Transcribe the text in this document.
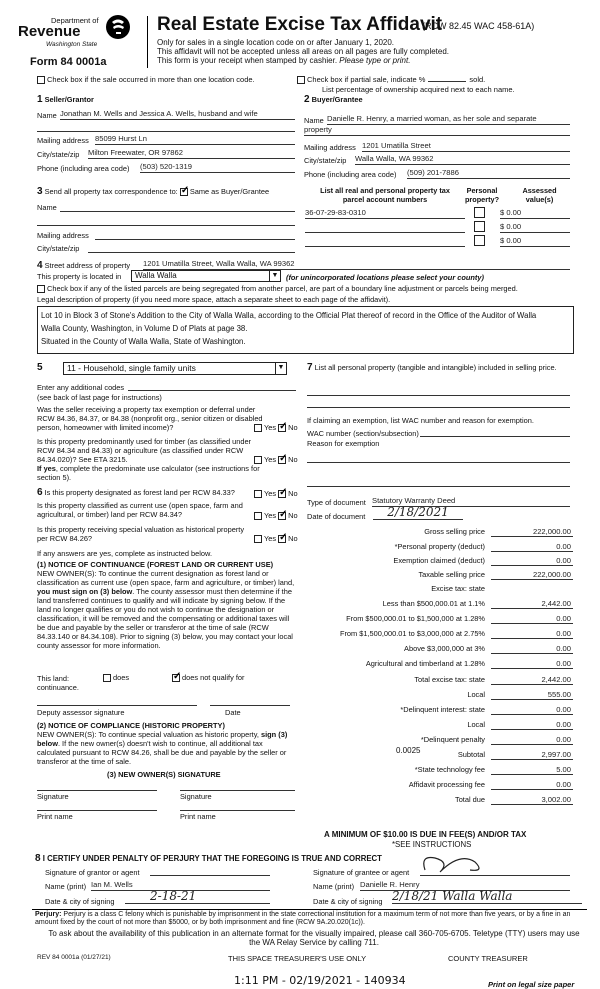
Department of
Revenue
Washington State
Form 84 0001a
Real Estate Excise Tax Affidavit
(RCW 82.45 WAC 458-61A)
Only for sales in a single location code on or after January 1, 2020.
This affidavit will not be accepted unless all areas on all pages are fully completed.
This form is your receipt when stamped by cashier. Please type or print.
Check box if the sale occurred in more than one location code.	Check box if partial sale, indicate %	sold.
List percentage of ownership acquired next to each name.
1 Seller/Grantor
Name Jonathan M. Wells and Jessica A. Wells, husband and wife
Mailing address 85099 Hurst Ln
City/state/zip Milton Freewater, OR 97862
Phone (including area code) (503) 520-1319
2 Buyer/Grantee
Name Danielle R. Henry, a married woman, as her sole and separate
property
Mailing address 1201 Umatilla Street
City/state/zip Walla Walla, WA 99362
Phone (including area code) (509) 201-7886
3 Send all property tax correspondence to: ✓ Same as Buyer/Grantee
Name
Mailing address
City/state/zip
List all real and personal property tax
parcel account numbers
Personal
property?
Assessed
value(s)
36-07-29-83-0310	$ 0.00
$ 0.00
$ 0.00
4 Street address of property 1201 Umatilla Street, Walla Walla, WA 99362
This property is located in	Walla Walla	▼ (for unincorporated locations please select your county)
Check box if any of the listed parcels are being segregated from another parcel, are part of a boundary line adjustment or parcels being merged.
Legal description of property (if you need more space, attach a separate sheet to each page of the affidavit).
Lot 10 in Block 3 of Stone's Addition to the City of Walla Walla, according to the Official Plat thereof of record in the Office of the Auditor of Walla
Walla County, Washington, in Volume D of Plats at page 38.
Situated in the County of Walla Walla, State of Washington.
5	11 - Household, single family units	▼
Enter any additional codes
(see back of last page for instructions)
Was the seller receiving a property tax exemption or deferral under RCW 84.36, 84.37, or 84.38 (nonprofit org., senior citizen or disabled person, homeowner with limited income)?	Yes ✓ No
Is this property predominantly used for timber (as classified under RCW 84.34 and 84.33) or agriculture (as classified under RCW 84.34.020)? See ETA 3215.	Yes ✓ No
If yes, complete the predominate use calculator (see instructions for section 5).
6 Is this property designated as forest land per RCW 84.33?	Yes ✓ No
Is this property classified as current use (open space, farm and agricultural, or timber) land per RCW 84.34?	Yes ✓ No
Is this property receiving special valuation as historical property per RCW 84.26?	Yes ✓ No
If any answers are yes, complete as instructed below.
(1) NOTICE OF CONTINUANCE (FOREST LAND OR CURRENT USE)
NEW OWNER(S): To continue the current designation as forest land or classification as current use (open space, farm and agriculture, or timber) land, you must sign on (3) below. The county assessor must then determine if the land transferred continues to qualify and will indicate by signing below. If the land no longer qualifies or you do not wish to continue the designation or classification, it will be removed and the compensating or additional taxes will be due and payable by the seller or transferor at the time of sale (RCW 84.33.140 or 84.34.108). Prior to signing (3) below, you may contact your local county assessor for more information.
This land:	does ✓	does not qualify for
continuance.
Deputy assessor signature	Date
(2) NOTICE OF COMPLIANCE (HISTORIC PROPERTY)
NEW OWNER(S): To continue special valuation as historic property, sign (3) below. If the new owner(s) doesn't wish to continue, all additional tax calculated pursuant to RCW 84.26, shall be due and payable by the seller or transferor at the time of sale.
(3) NEW OWNER(S) SIGNATURE
Signature	Signature
Print name	Print name
7 List all personal property (tangible and intangible) included in selling price.
If claiming an exemption, list WAC number and reason for exemption.
WAC number (section/subsection)
Reason for exemption
Type of document Statutory Warranty Deed
Date of document	2/18/2021
Gross selling price	222,000.00
*Personal property (deduct)	0.00
Exemption claimed (deduct)	0.00
Taxable selling price	222,000.00
Excise tax: state
Less than $500,000.01 at 1.1%	2,442.00
From $500,000.01 to $1,500,000 at 1.28%	0.00
From $1,500,000.01 to $3,000,000 at 2.75%	0.00
Above $3,000,000 at 3%	0.00
Agricultural and timberland at 1.28%	0.00
Total excise tax: state	2,442.00
Local	555.00
*Delinquent interest: state	0.00
Local	0.00
*Delinquent penalty	0.00
Subtotal	2,997.00
*State technology fee	5.00
Affidavit processing fee	0.00
Total due	3,002.00
0.0025
A MINIMUM OF $10.00 IS DUE IN FEE(S) AND/OR TAX
*SEE INSTRUCTIONS
8 I CERTIFY UNDER PENALTY OF PERJURY THAT THE FOREGOING IS TRUE AND CORRECT
Signature of grantor or agent
Name (print) Ian M. Wells
Date & city of signing	2-18-21
Signature of grantee or agent
Name (print) Danielle R. Henry
Date & city of signing 2/18/21 Walla Walla
Perjury: Perjury is a class C felony which is punishable by imprisonment in the state correctional institution for a maximum term of not more than five years, or by a fine in an amount fixed by the court of not more than $5000, or by both imprisonment and fine (RCW 9A.20.020(1c)).
To ask about the availability of this publication in an alternate format for the visually impaired, please call 360-705-6705. Teletype (TTY) users may use the WA Relay Service by calling 711.
REV 84 0001a (01/27/21)	THIS SPACE TREASURER'S USE ONLY	COUNTY TREASURER
1:11 PM - 02/19/2021 - 140934	Print on legal size paper
